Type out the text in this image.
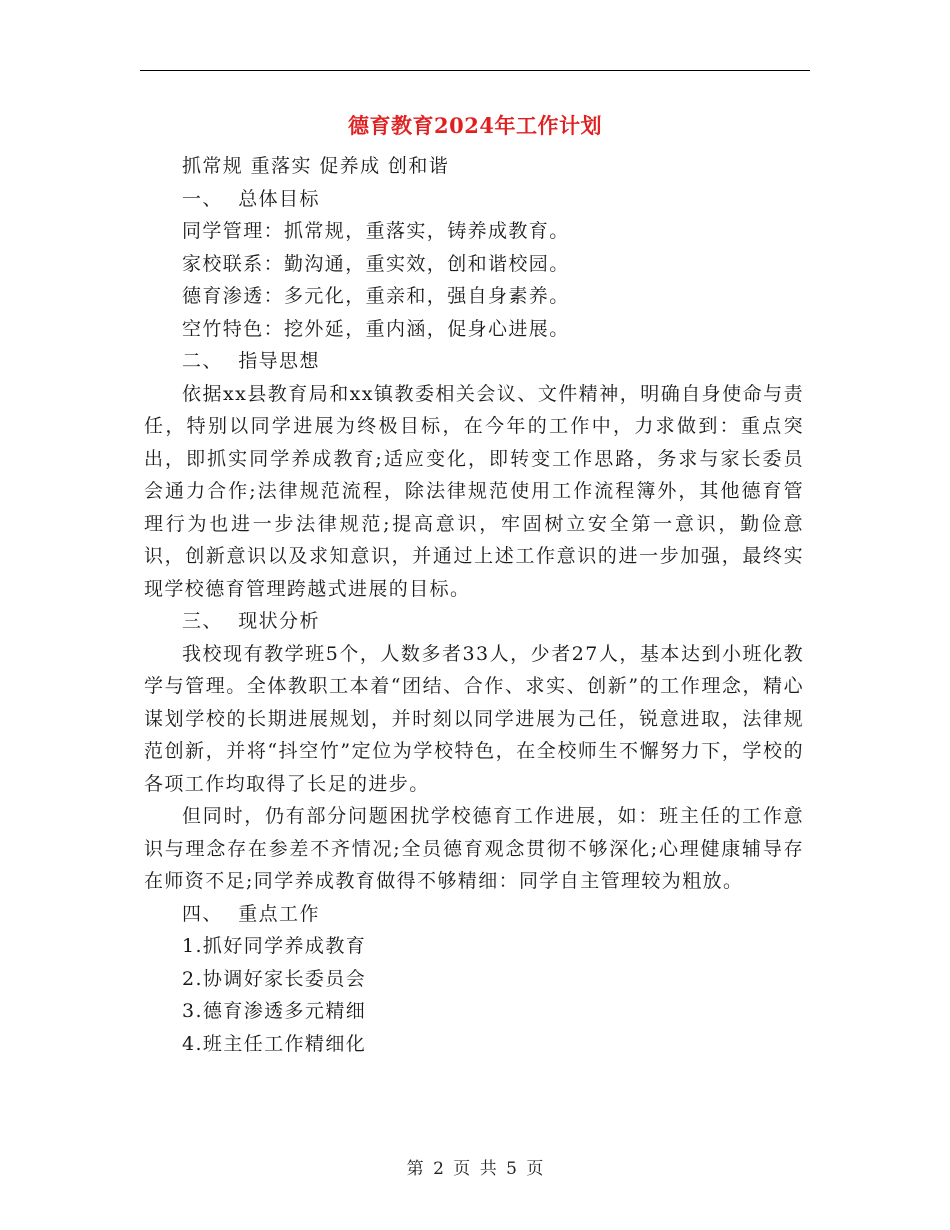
德育教育2024年工作计划

抓常规 重落实 促养成 创和谐

一、 总体目标

同学管理：抓常规，重落实，铸养成教育。

家校联系：勤沟通，重实效，创和谐校园。

德育渗透：多元化，重亲和，强自身素养。

空竹特色：挖外延，重内涵，促身心进展。

二、 指导思想

依据xx县教育局和xx镇教委相关会议、文件精神，明确自身使命与责任，特别以同学进展为终极目标，在今年的工作中，力求做到：重点突出，即抓实同学养成教育;适应变化，即转变工作思路，务求与家长委员会通力合作;法律规范流程，除法律规范使用工作流程簿外，其他德育管理行为也进一步法律规范;提高意识，牢固树立安全第一意识，勤俭意识，创新意识以及求知意识，并通过上述工作意识的进一步加强，最终实现学校德育管理跨越式进展的目标。

三、 现状分析

我校现有教学班5个，人数多者33人，少者27人，基本达到小班化教学与管理。全体教职工本着“团结、合作、求实、创新”的工作理念，精心谋划学校的长期进展规划，并时刻以同学进展为己任，锐意进取，法律规范创新，并将“抖空竹”定位为学校特色，在全校师生不懈努力下，学校的各项工作均取得了长足的进步。

但同时，仍有部分问题困扰学校德育工作进展，如：班主任的工作意识与理念存在参差不齐情况;全员德育观念贯彻不够深化;心理健康辅导存在师资不足;同学养成教育做得不够精细：同学自主管理较为粗放。

四、 重点工作

1.抓好同学养成教育

2.协调好家长委员会

3.德育渗透多元精细

4.班主任工作精细化

第 2 页 共 5 页
